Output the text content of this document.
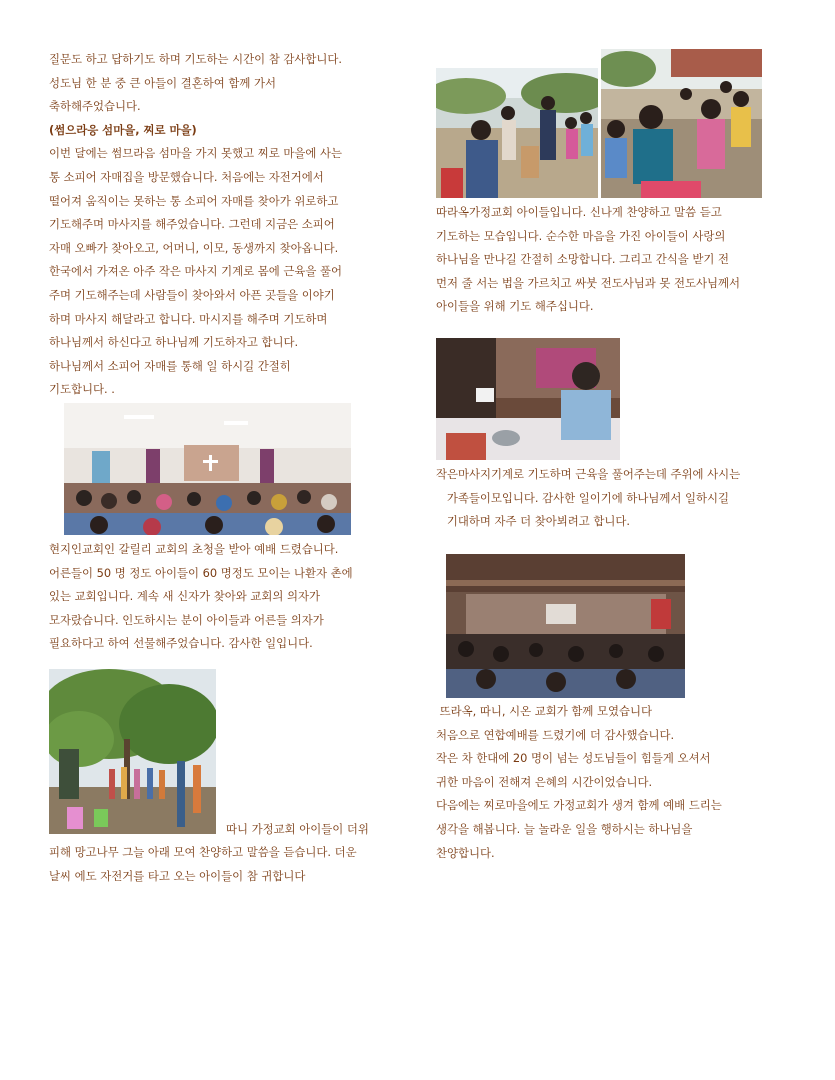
질문도 하고 답하기도 하며 기도하는 시간이 참 감사합니다.
성도님 한 분 중 큰 아들이 결혼하여 함께 가서
축하해주었습니다.
(썸으라응 섬마을, 찌로 마을)
이번 달에는 썸므라음 섬마을 가지 못했고 찌로 마을에 사는
통 소피어 자매집을 방문했습니다. 처음에는 자전거에서
떨어져 움직이는 못하는 통 소피어 자매를 찾아가 위로하고
기도해주며 마사지를 해주었습니다. 그런데 지금은 소피어
자매 오빠가 찾아오고, 어머니, 이모, 동생까지 찾아옵니다.
한국에서 가져온 아주 작은 마사지 기계로 몸에 근육을 풀어
주며 기도해주는데 사람들이 찾아와서 아픈 곳들을 이야기
하며 마사지 해달라고 합니다. 마시지를 해주며 기도하며
하나님께서 하신다고 하나님께 기도하자고 합니다.
하나님께서 소피어 자매를 통해 일 하시길 간절히
기도합니다. .
현지인교회인 갈릴리 교회의 초청을 받아 예배 드렸습니다.
어른들이 50 명 정도 아이들이 60 명정도 모이는 나환자 촌에
있는 교회입니다. 계속 새 신자가 찾아와 교회의 의자가
모자랐습니다. 인도하시는 분이 아이들과 어른들 의자가
필요하다고 하여 선물해주었습니다. 감사한 일입니다.
따니 가정교회 아이들이 더위
피해 망고나무 그늘 아래 모여 찬양하고 말씀을 듣습니다. 더운
날씨 에도 자전거를 타고 오는 아이들이 참 귀합니다
따라옥가정교회 아이들입니다. 신나게 찬양하고 말씀 듣고
기도하는 모습입니다. 순수한 마음을 가진 아이들이 사랑의
하나님을 만나길 간절히 소망합니다. 그리고 간식을 받기 전
먼저 줄 서는 법을 가르치고 싸붓 전도사님과 못 전도사님께서
아이들을 위해 기도 해주십니다.
작은마사지기계로 기도하며 근육을 풀어주는데 주위에 사시는
가족들이모입니다. 감사한 일이기에 하나님께서 일하시길
기대하며 자주 더 찾아뵈려고 합니다.
뜨라옥, 따니, 시온 교회가 함께 모였습니다
처음으로 연합예배를 드렸기에 더 감사했습니다.
작은 차 한대에 20 명이 넘는 성도님들이 힘들게 오셔서
귀한 마음이 전해져 은혜의 시간이었습니다.
다음에는 찌로마을에도 가정교회가 생겨 함께 예배 드리는
생각을 해봅니다. 늘 놀라운 일을 행하시는 하나님을
찬양합니다.
